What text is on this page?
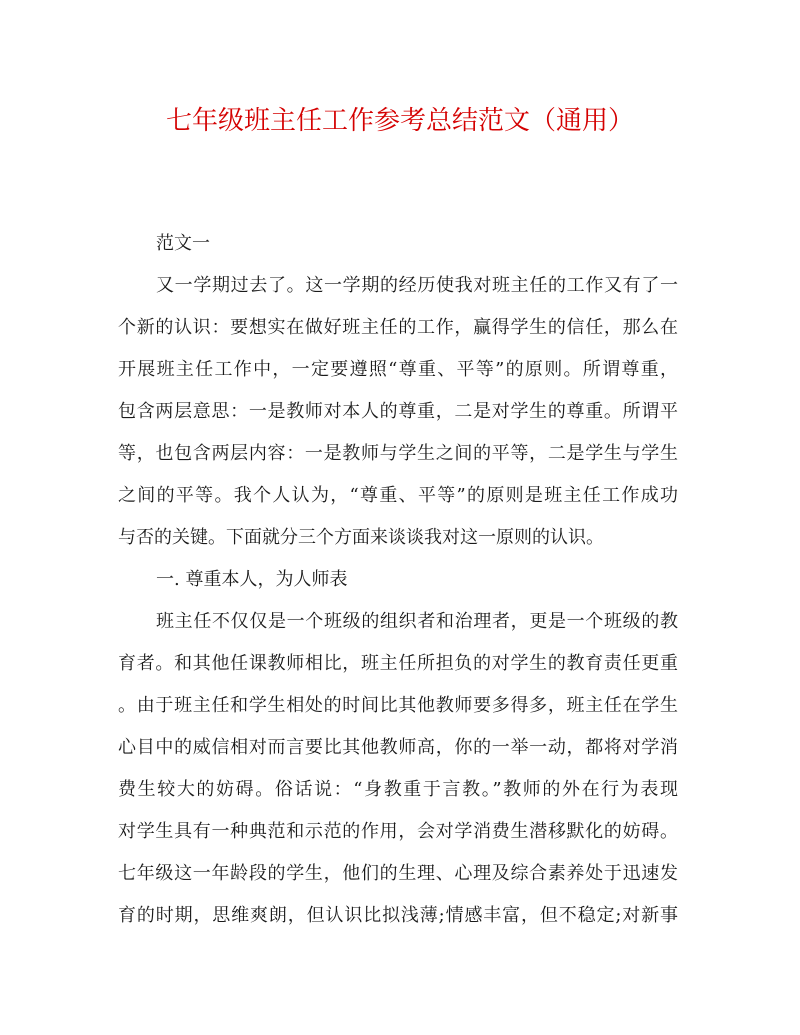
七年级班主任工作参考总结范文（通用）
范文一
又一学期过去了。这一学期的经历使我对班主任的工作又有了一
个新的认识：要想实在做好班主任的工作，赢得学生的信任，那么在
开展班主任工作中，一定要遵照“尊重、平等”的原则。所谓尊重，
包含两层意思：一是教师对本人的尊重，二是对学生的尊重。所谓平
等，也包含两层内容：一是教师与学生之间的平等，二是学生与学生
之间的平等。我个人认为，“尊重、平等”的原则是班主任工作成功
与否的关键。下面就分三个方面来谈谈我对这一原则的认识。
一. 尊重本人，为人师表
班主任不仅仅是一个班级的组织者和治理者，更是一个班级的教
育者。和其他任课教师相比，班主任所担负的对学生的教育责任更重
。由于班主任和学生相处的时间比其他教师要多得多，班主任在学生
心目中的威信相对而言要比其他教师高，你的一举一动，都将对学消
费生较大的妨碍。俗话说：“身教重于言教。”教师的外在行为表现
对学生具有一种典范和示范的作用，会对学消费生潜移默化的妨碍。
七年级这一年龄段的学生，他们的生理、心理及综合素养处于迅速发
育的时期，思维爽朗，但认识比拟浅薄;情感丰富，但不稳定;对新事
